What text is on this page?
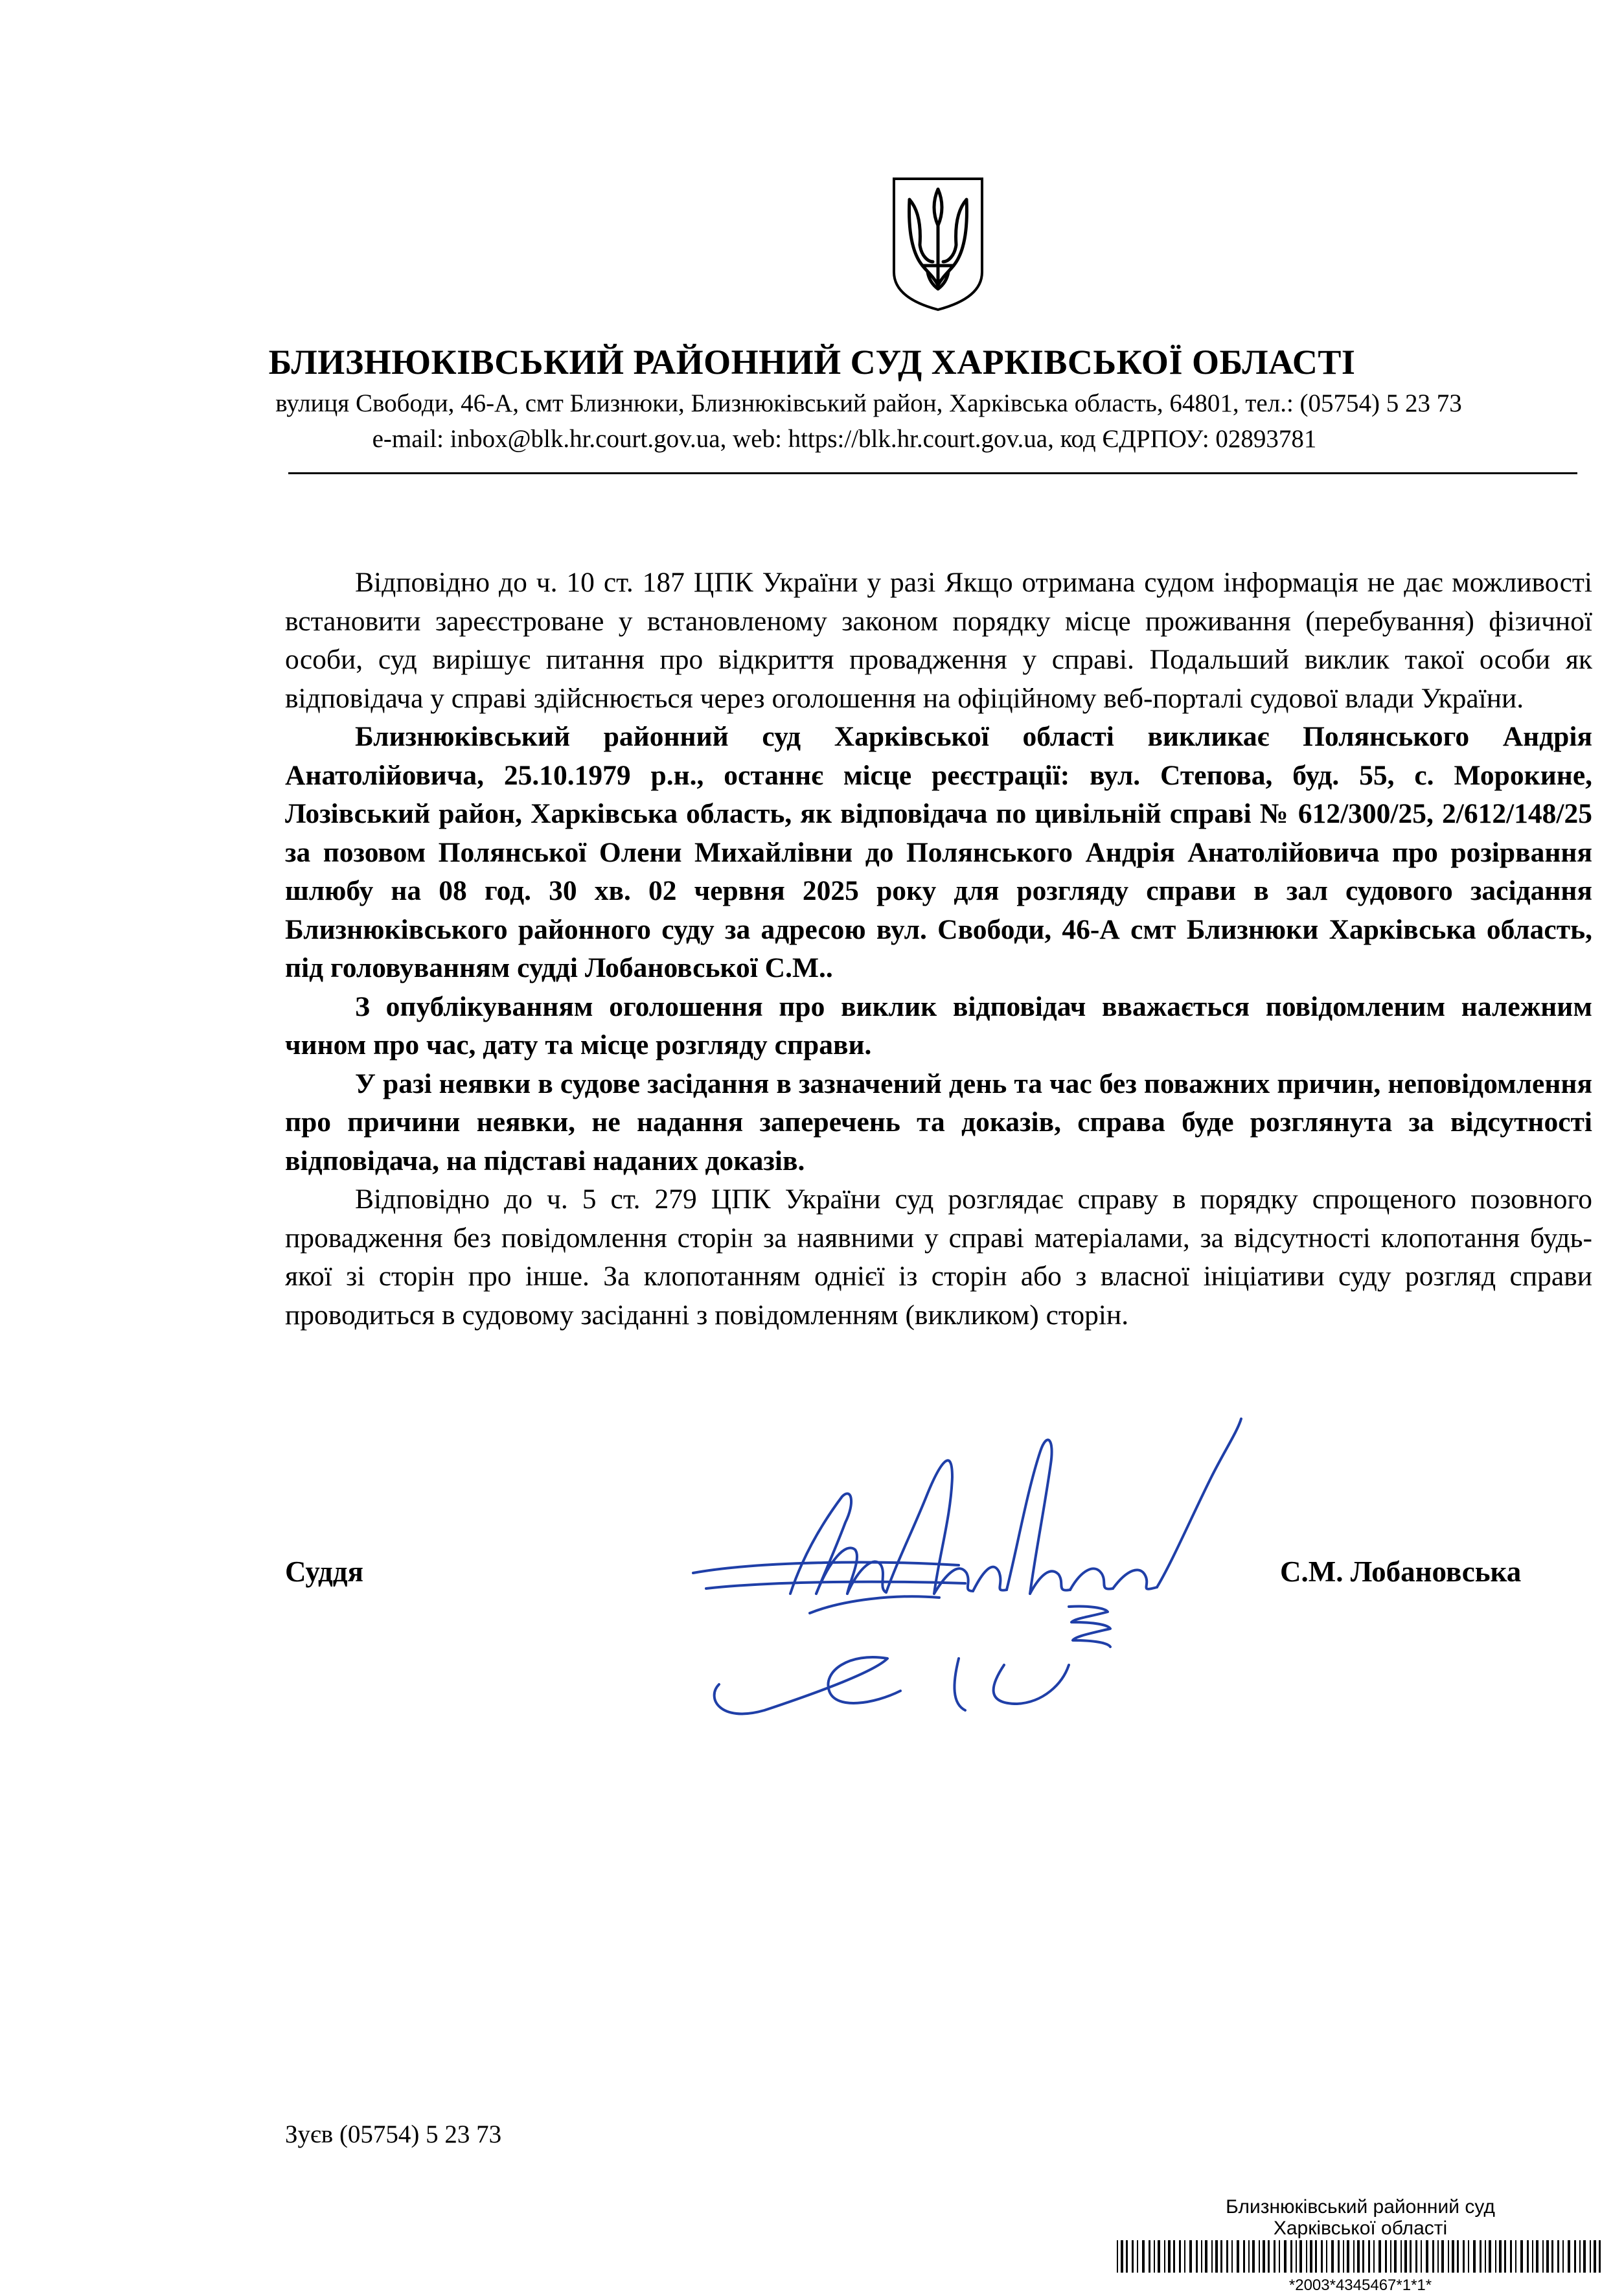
БЛИЗНЮКІВСЬКИЙ РАЙОННИЙ СУД ХАРКІВСЬКОЇ ОБЛАСТІ
вулиця Свободи, 46-А, смт Близнюки, Близнюківський район, Харківська область, 64801, тел.: (05754) 5 23 73
e-mail: inbox@blk.hr.court.gov.ua, web: https://blk.hr.court.gov.ua, код ЄДРПОУ: 02893781

Відповідно до ч. 10 ст. 187 ЦПК України у разі Якщо отримана судом інформація не дає можливості встановити зареєстроване у встановленому законом порядку місце проживання (перебування) фізичної особи, суд вирішує питання про відкриття провадження у справі. Подальший виклик такої особи як відповідача у справі здійснюється через оголошення на офіційному веб-порталі судової влади України.

Близнюківський районний суд Харківської області викликає Полянського Андрія Анатолійовича, 25.10.1979 р.н., останнє місце реєстрації: вул. Степова, буд. 55, с. Морокине, Лозівський район, Харківська область, як відповідача по цивільній справі № 612/300/25, 2/612/148/25 за позовом Полянської Олени Михайлівни до Полянського Андрія Анатолійовича про розірвання шлюбу на 08 год. 30 хв. 02 червня 2025 року для розгляду справи в зал судового засідання Близнюківського районного суду за адресою вул. Свободи, 46-А смт Близнюки Харківська область, під головуванням судді Лобановської С.М..

З опублікуванням оголошення про виклик відповідач вважається повідомленим належним чином про час, дату та місце розгляду справи.

У разі неявки в судове засідання в зазначений день та час без поважних причин, неповідомлення про причини неявки, не надання заперечень та доказів, справа буде розглянута за відсутності відповідача, на підставі наданих доказів.

Відповідно до ч. 5 ст. 279 ЦПК України суд розглядає справу в порядку спрощеного позовного провадження без повідомлення сторін за наявними у справі матеріалами, за відсутності клопотання будь-якої зі сторін про інше. За клопотанням однієї із сторін або з власної ініціативи суду розгляд справи проводиться в судовому засіданні з повідомленням (викликом) сторін.

Суддя	С.М. Лобановська
Зуєв (05754) 5 23 73
Близнюківський районний суд
Харківської області
*2003*4345467*1*1*
